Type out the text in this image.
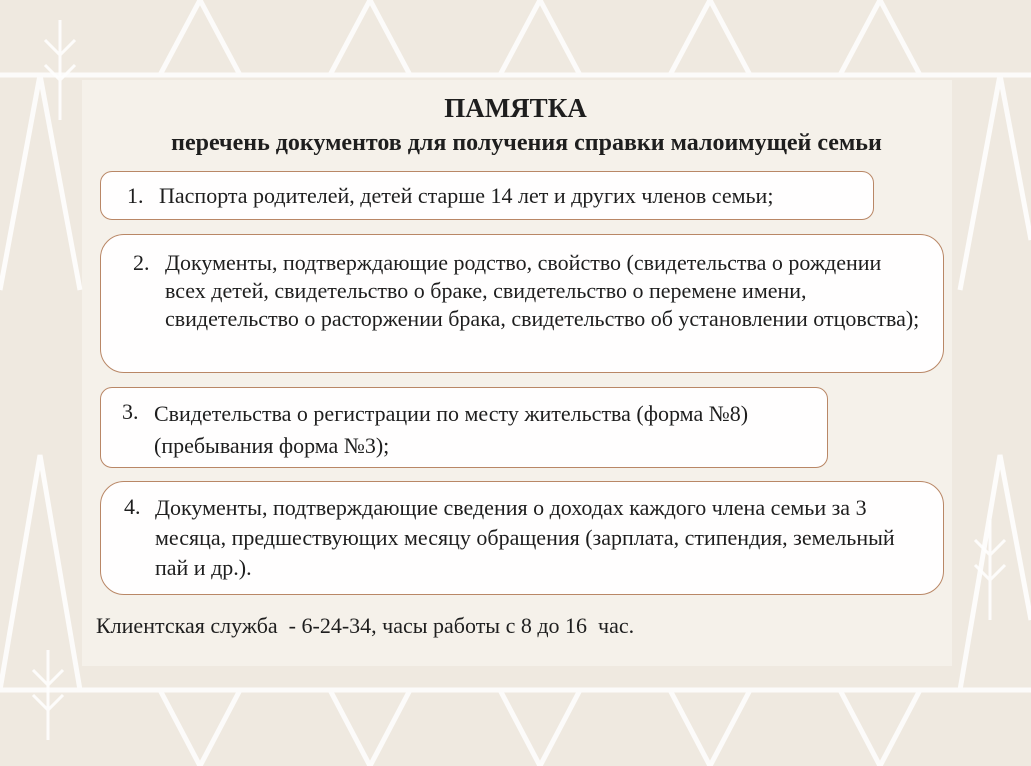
ПАМЯТКА
перечень документов для получения справки малоимущей семьи
1. Паспорта родителей, детей старше 14 лет и других членов семьи;
2. Документы, подтверждающие родство, свойство (свидетельства о рождении всех детей, свидетельство о браке, свидетельство о перемене имени, свидетельство о расторжении брака, свидетельство об установлении отцовства);
3. Свидетельства о регистрации по месту жительства (форма №8) (пребывания форма №3);
4. Документы, подтверждающие сведения о доходах каждого члена семьи за 3 месяца, предшествующих месяцу обращения (зарплата, стипендия, земельный пай и др.).
Клиентская служба  - 6-24-34, часы работы с 8 до 16  час.
